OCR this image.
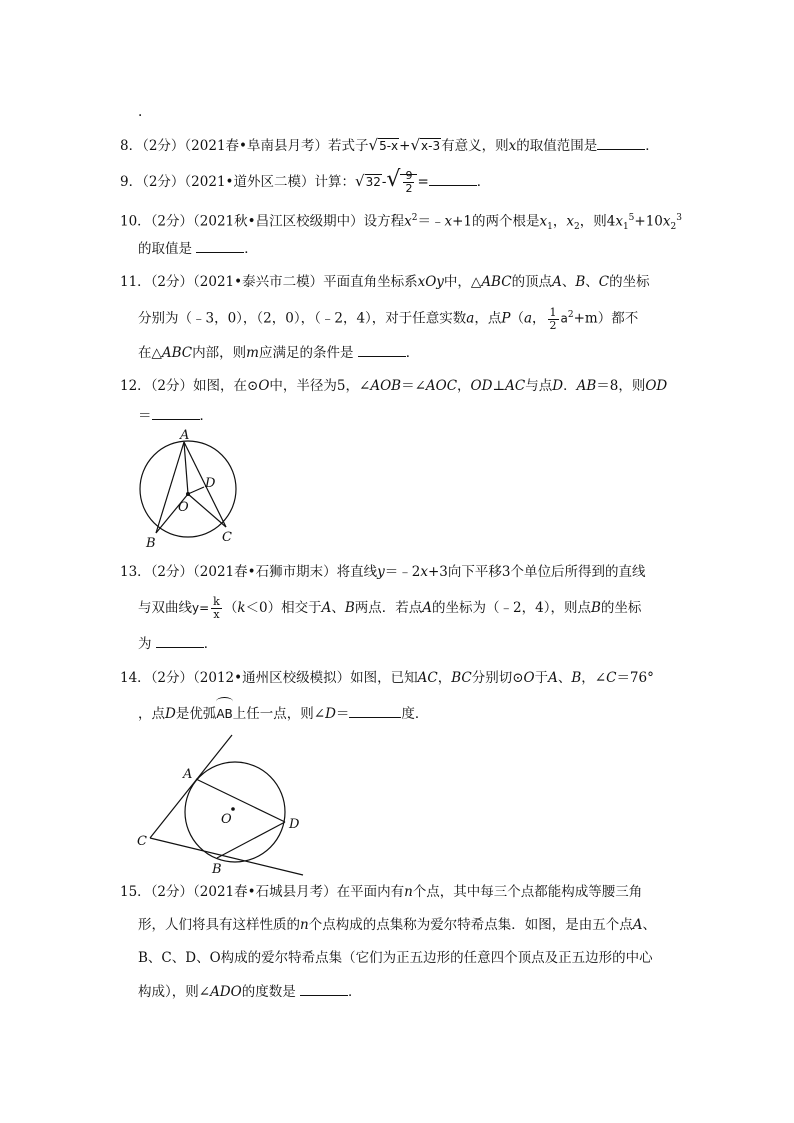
.
8．（2分）（2021春•阜南县月考）若式子√5-x+√x-3有意义，则x的取值范围是	．
9．（2分）（2021•道外区二模）计算：$√32-√ \frac{9}{2}$ =	．
10．（2分）（2021秋•昌江区校级期中）设方程$x^2=﹣x+1$的两个根是$x_1$，$x_2$，则$4x_1^5+10x_2^3$
的取值是	．
11．（2分）（2021•泰兴市二模）平面直角坐标系xOy中，△ABC的顶点A、B、C的坐标
分别为（﹣3，0），（2，0），（﹣2，4），对于任意实数a，点P（a， $\frac{1}{2} a^2+m$）都不
在△ABC内部，则m应满足的条件是	．
12．（2分）如图，在⊙O中，半径为5，∠AOB＝∠AOC，OD⊥AC与点D．AB＝8，则OD
＝	．
A
B	C
D
O
13．（2分）（2021春•石狮市期末）将直线y＝﹣2x+3向下平移3个单位后所得到的直线
与双曲线$y= \frac{k}{x} (k<0)$相交于A、B两点．若点A的坐标为（﹣2，4），则点B的坐标
为	．
14．（2分）（2012•通州区校级模拟）如图，已知AC，BC分别切⊙O于A、B，∠C＝76°
，点D是优弧
AB上任一点，则∠D＝	度．
A
B
C
D
O
15．（2分）（2021春•石城县月考）在平面内有n个点，其中每三个点都能构成等腰三角
形，人们将具有这样性质的n个点构成的点集称为爱尔特希点集．如图，是由五个点A、
B、C、D、O构成的爱尔特希点集（它们为正五边形的任意四个顶点及正五边形的中心
构成），则∠ADO的度数是	．
